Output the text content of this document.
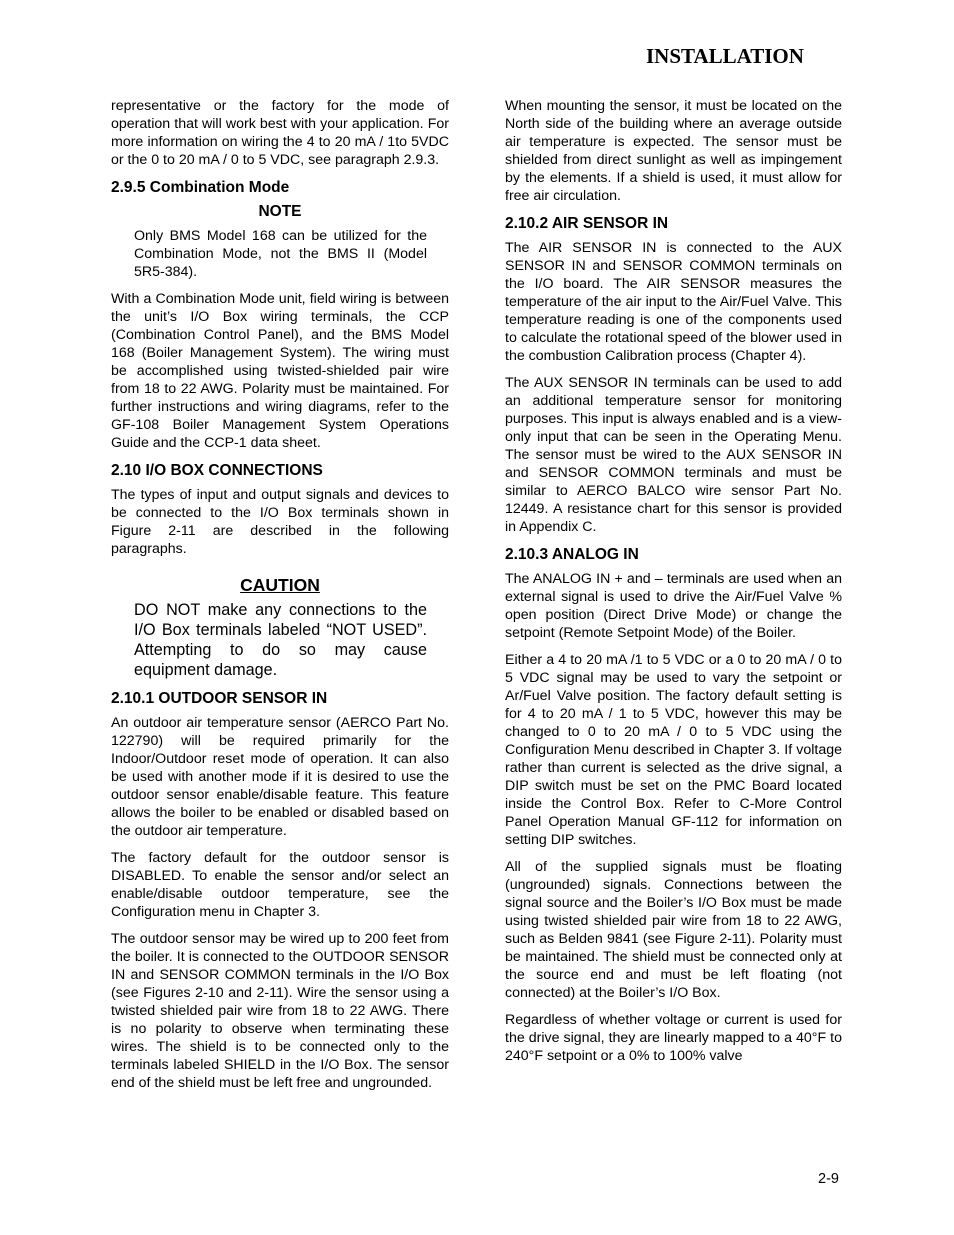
INSTALLATION

representative or the factory for the mode of operation that will work best with your application. For more information on wiring the 4 to 20 mA / 1to 5VDC or the 0 to 20 mA / 0 to 5 VDC, see paragraph 2.9.3.

2.9.5 Combination Mode
NOTE

Only BMS Model 168 can be utilized for the Combination Mode, not the BMS II (Model 5R5-384).

With a Combination Mode unit, field wiring is between the unit’s I/O Box wiring terminals, the CCP (Combination Control Panel), and the BMS Model 168 (Boiler Management System). The wiring must be accomplished using twisted-shielded pair wire from 18 to 22 AWG. Polarity must be maintained. For further instructions and wiring diagrams, refer to the GF-108 Boiler Management System Operations Guide and the CCP-1 data sheet.

2.10 I/O BOX CONNECTIONS

The types of input and output signals and devices to be connected to the I/O Box terminals shown in Figure 2-11 are described in the following paragraphs.

CAUTION

DO NOT make any connections to the I/O Box terminals labeled “NOT USED”. Attempting to do so may cause equipment damage.

2.10.1 OUTDOOR SENSOR IN

An outdoor air temperature sensor (AERCO Part No. 122790) will be required primarily for the Indoor/Outdoor reset mode of operation. It can also be used with another mode if it is desired to use the outdoor sensor enable/disable feature. This feature allows the boiler to be enabled or disabled based on the outdoor air temperature.

The factory default for the outdoor sensor is DISABLED. To enable the sensor and/or select an enable/disable outdoor temperature, see the Configuration menu in Chapter 3.

The outdoor sensor may be wired up to 200 feet from the boiler. It is connected to the OUTDOOR SENSOR IN and SENSOR COMMON terminals in the I/O Box (see Figures 2-10 and 2-11). Wire the sensor using a twisted shielded pair wire from 18 to 22 AWG. There is no polarity to observe when terminating these wires. The shield is to be connected only to the terminals labeled SHIELD in the I/O Box. The sensor end of the shield must be left free and ungrounded.

When mounting the sensor, it must be located on the North side of the building where an average outside air temperature is expected. The sensor must be shielded from direct sunlight as well as impingement by the elements. If a shield is used, it must allow for free air circulation.

2.10.2 AIR SENSOR IN

The AIR SENSOR IN is connected to the AUX SENSOR IN and SENSOR COMMON terminals on the I/O board. The AIR SENSOR measures the temperature of the air input to the Air/Fuel Valve. This temperature reading is one of the components used to calculate the rotational speed of the blower used in the combustion Calibration process (Chapter 4).

The AUX SENSOR IN terminals can be used to add an additional temperature sensor for monitoring purposes. This input is always enabled and is a view-only input that can be seen in the Operating Menu. The sensor must be wired to the AUX SENSOR IN and SENSOR COMMON terminals and must be similar to AERCO BALCO wire sensor Part No. 12449. A resistance chart for this sensor is provided in Appendix C.

2.10.3 ANALOG IN

The ANALOG IN + and – terminals are used when an external signal is used to drive the Air/Fuel Valve % open position (Direct Drive Mode) or change the setpoint (Remote Setpoint Mode) of the Boiler.

Either a 4 to 20 mA /1 to 5 VDC or a 0 to 20 mA / 0 to 5 VDC signal may be used to vary the setpoint or Ar/Fuel Valve position. The factory default setting is for 4 to 20 mA / 1 to 5 VDC, however this may be changed to 0 to 20 mA / 0 to 5 VDC using the Configuration Menu described in Chapter 3. If voltage rather than current is selected as the drive signal, a DIP switch must be set on the PMC Board located inside the Control Box. Refer to C-More Control Panel Operation Manual GF-112 for information on setting DIP switches.

All of the supplied signals must be floating (ungrounded) signals. Connections between the signal source and the Boiler’s I/O Box must be made using twisted shielded pair wire from 18 to 22 AWG, such as Belden 9841 (see Figure 2-11). Polarity must be maintained. The shield must be connected only at the source end and must be left floating (not connected) at the Boiler’s I/O Box.

Regardless of whether voltage or current is used for the drive signal, they are linearly mapped to a 40°F to 240°F setpoint or a 0% to 100% valve

2-9
